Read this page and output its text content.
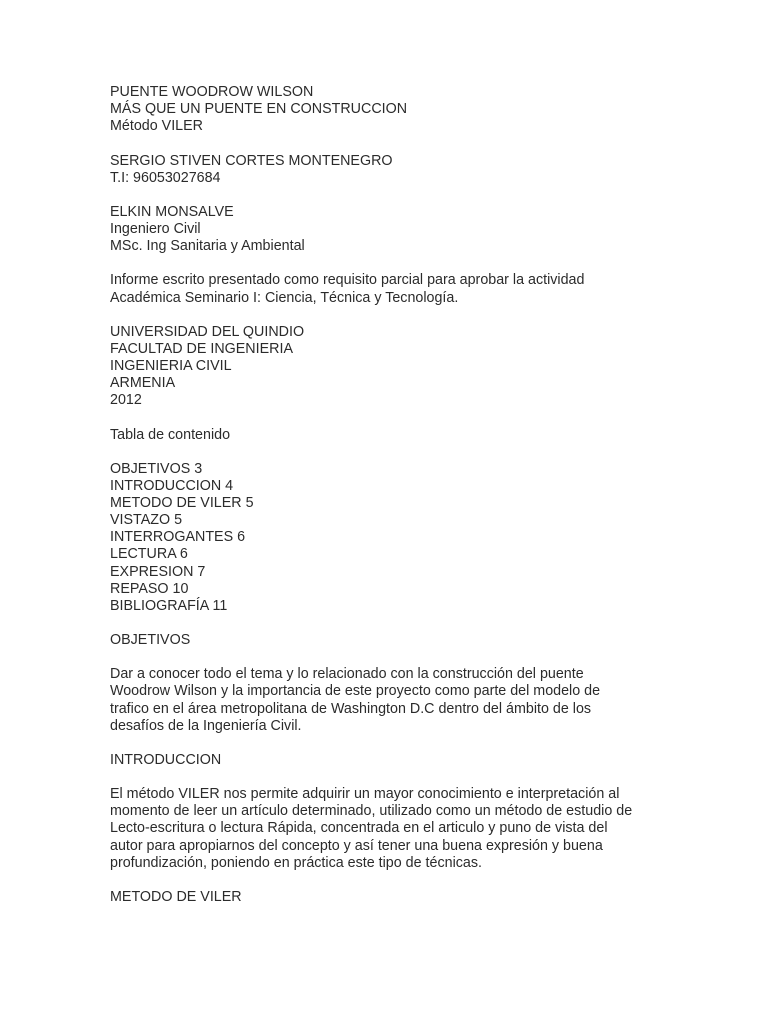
PUENTE WOODROW WILSON
MÁS QUE UN PUENTE EN CONSTRUCCION
Método VILER
SERGIO STIVEN CORTES MONTENEGRO
T.I: 96053027684
ELKIN MONSALVE
Ingeniero Civil
MSc. Ing Sanitaria y Ambiental
Informe escrito presentado como requisito parcial para aprobar la actividad
Académica Seminario I: Ciencia, Técnica y Tecnología.
UNIVERSIDAD DEL QUINDIO
FACULTAD DE INGENIERIA
INGENIERIA CIVIL
ARMENIA
2012
Tabla de contenido
OBJETIVOS 3
INTRODUCCION 4
METODO DE VILER 5
VISTAZO 5
INTERROGANTES 6
LECTURA 6
EXPRESION 7
REPASO 10
BIBLIOGRAFÍA 11
OBJETIVOS
Dar a conocer todo el tema y lo relacionado con la construcción del puente
Woodrow Wilson y la importancia de este proyecto como parte del modelo de
trafico en el área metropolitana de Washington D.C dentro del ámbito de los
desafíos de la Ingeniería Civil.
INTRODUCCION
El método VILER nos permite adquirir un mayor conocimiento e interpretación al
momento de leer un artículo determinado, utilizado como un método de estudio de
Lecto-escritura o lectura Rápida, concentrada en el articulo y puno de vista del
autor para apropiarnos del concepto y así tener una buena expresión y buena
profundización, poniendo en práctica este tipo de técnicas.
METODO DE VILER
